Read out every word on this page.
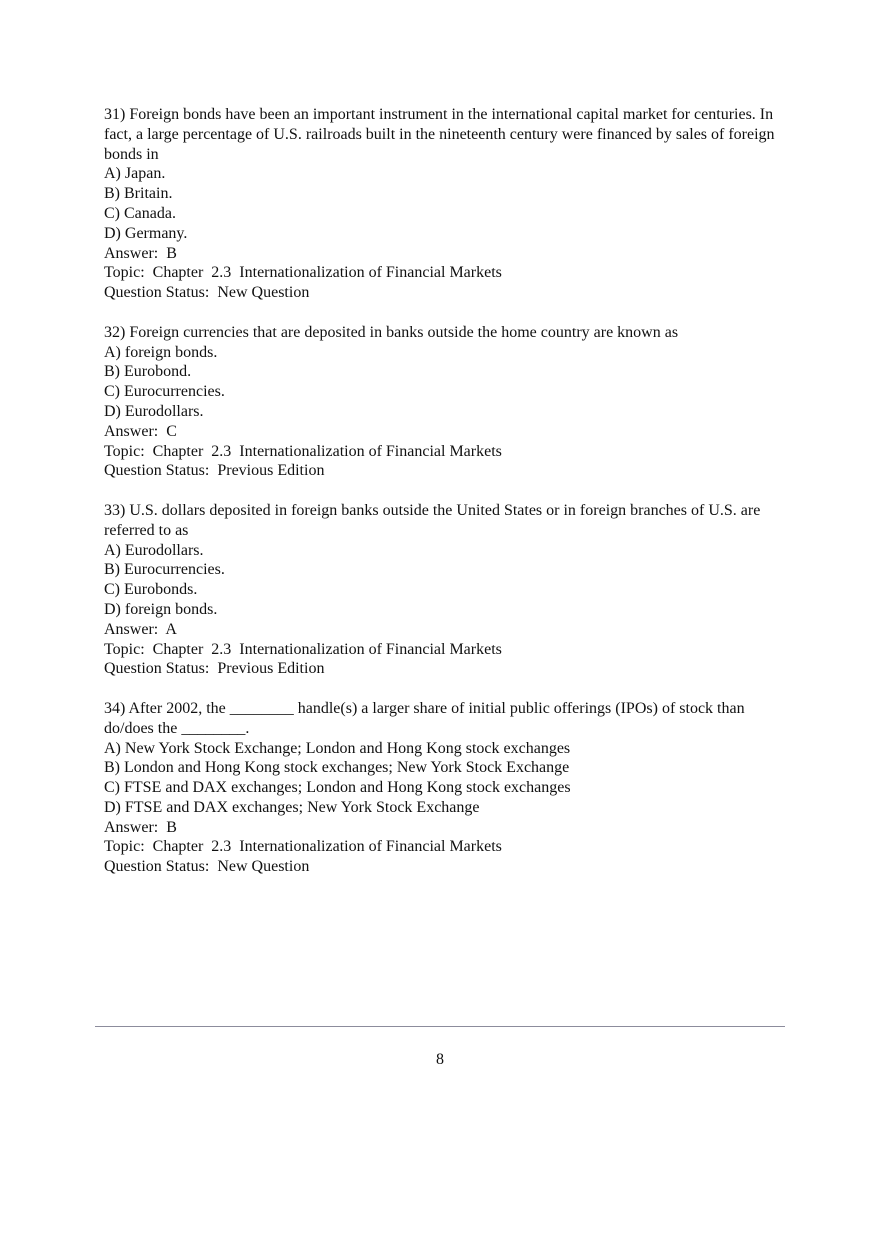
31) Foreign bonds have been an important instrument in the international capital market for centuries. In fact, a large percentage of U.S. railroads built in the nineteenth century were financed by sales of foreign bonds in
A) Japan.
B) Britain.
C) Canada.
D) Germany.
Answer:  B
Topic:  Chapter  2.3  Internationalization of Financial Markets
Question Status:  New Question
32) Foreign currencies that are deposited in banks outside the home country are known as
A) foreign bonds.
B) Eurobond.
C) Eurocurrencies.
D) Eurodollars.
Answer:  C
Topic:  Chapter  2.3  Internationalization of Financial Markets
Question Status:  Previous Edition
33) U.S. dollars deposited in foreign banks outside the United States or in foreign branches of U.S. are referred to as
A) Eurodollars.
B) Eurocurrencies.
C) Eurobonds.
D) foreign bonds.
Answer:  A
Topic:  Chapter  2.3  Internationalization of Financial Markets
Question Status:  Previous Edition
34) After 2002, the ________ handle(s) a larger share of initial public offerings (IPOs) of stock than do/does the ________.
A) New York Stock Exchange; London and Hong Kong stock exchanges
B) London and Hong Kong stock exchanges; New York Stock Exchange
C) FTSE and DAX exchanges; London and Hong Kong stock exchanges
D) FTSE and DAX exchanges; New York Stock Exchange
Answer:  B
Topic:  Chapter  2.3  Internationalization of Financial Markets
Question Status:  New Question
8
